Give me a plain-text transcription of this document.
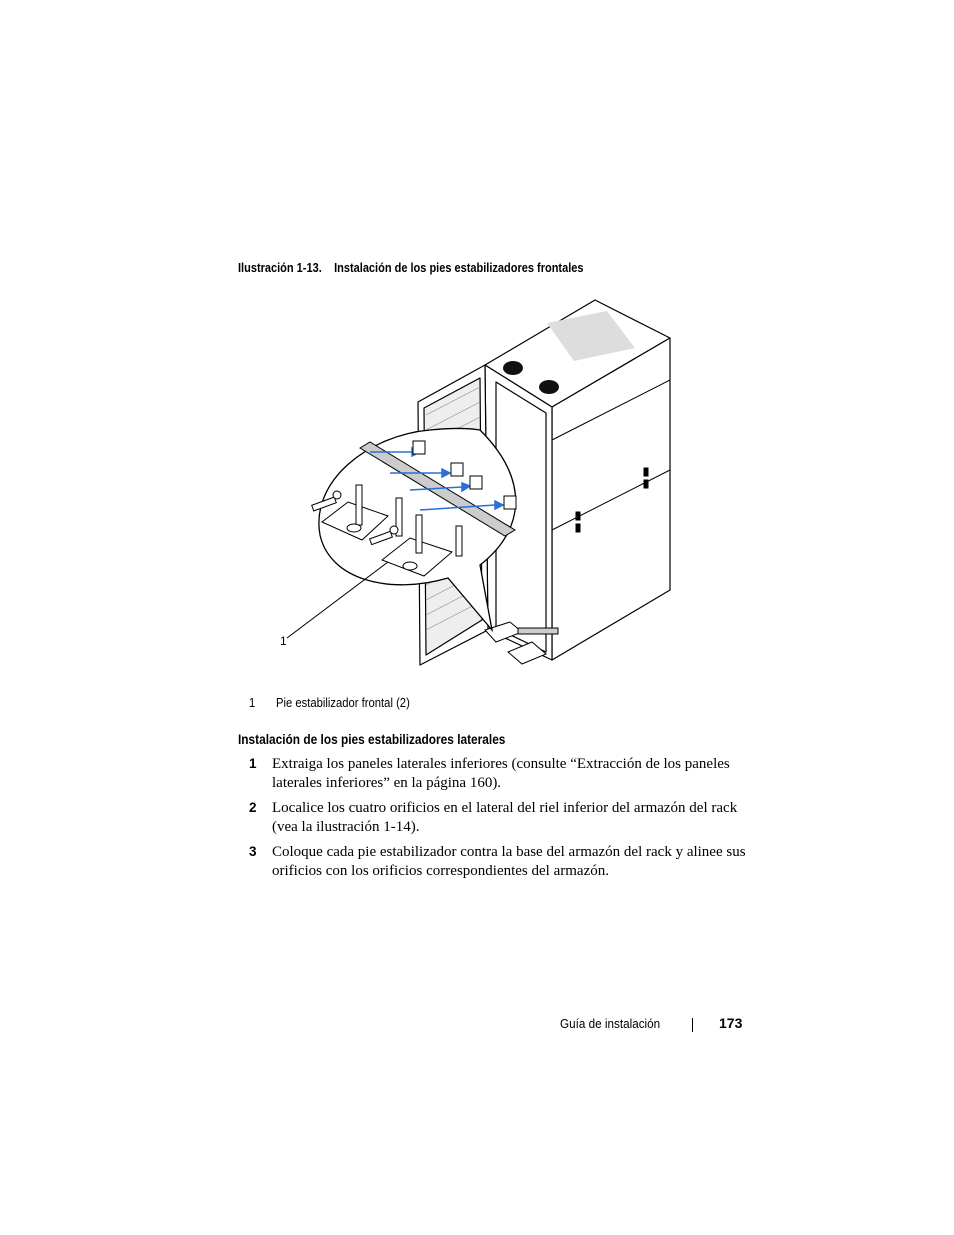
Ilustración 1-13. Instalación de los pies estabilizadores frontales
1
1 Pie estabilizador frontal (2)
Instalación de los pies estabilizadores laterales
1 Extraiga los paneles laterales inferiores (consulte “Extracción de los paneles laterales inferiores” en la página 160).
2 Localice los cuatro orificios en el lateral del riel inferior del armazón del rack (vea la ilustración 1-14).
3 Coloque cada pie estabilizador contra la base del armazón del rack y alinee sus orificios con los orificios correspondientes del armazón.
Guía de instalación	173
